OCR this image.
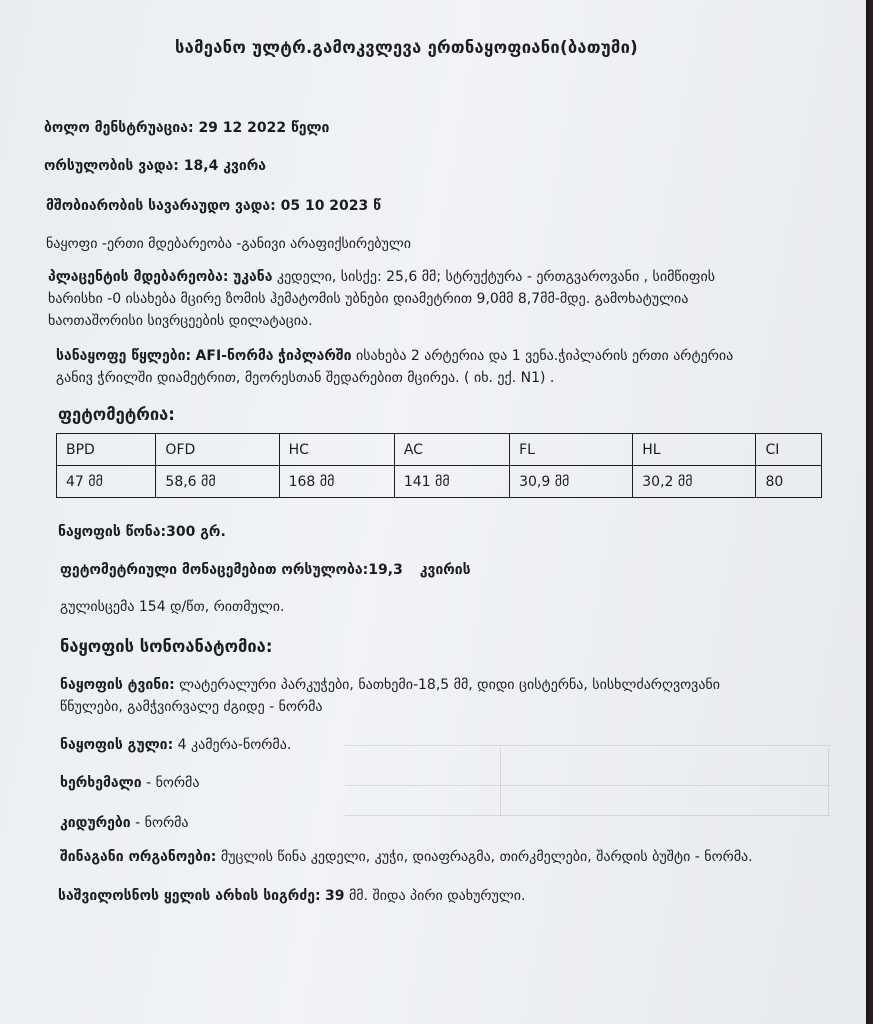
სამეანო ულტრ.გამოკვლევა ერთნაყოფიანი(ბათუმი)
ბოლო მენსტრუაცია: 29 12 2022 წელი
ორსულობის ვადა: 18,4 კვირა
მშობიარობის სავარაუდო ვადა: 05 10 2023 წ
ნაყოფი -ერთი მდებარეობა -განივი არაფიქსირებული
პლაცენტის მდებარეობა: უკანა კედელი, სისქე: 25,6 მმ; სტრუქტურა - ერთგვაროვანი , სიმწიფის
ხარისხი -0 ისახება მცირე ზომის ჰემატომის უბნები დიამეტრით 9,0მმ 8,7მმ-მდე. გამოხატულია
ხაოთაშორისი სივრცეების დილატაცია.
სანაყოფე წყლები: AFI-ნორმა ჭიპლარში ისახება 2 არტერია და 1 ვენა.ჭიპლარის ერთი არტერია
განივ ჭრილში დიამეტრით, მეორესთან შედარებით მცირეა. ( იხ. ექ. N1) .
ფეტომეტრია:
BPD	OFD	HC	AC	FL	HL	CI
47 მმ	58,6 მმ	168 მმ	141 მმ	30,9 მმ	30,2 მმ	80
ნაყოფის წონა:300 გრ.
ფეტომეტრიული მონაცემებით ორსულობა:19,3 კვირის
გულისცემა 154 დ/წთ, რითმული.
ნაყოფის სონოანატომია:
ნაყოფის ტვინი: ლატერალური პარკუჭები, ნათხემი-18,5 მმ, დიდი ცისტერნა, სისხლძარღვოვანი
წნულები, გამჭვირვალე ძგიდე - ნორმა
ნაყოფის გული: 4 კამერა-ნორმა.
ხერხემალი - ნორმა
კიდურები - ნორმა
შინაგანი ორგანოები: მუცლის წინა კედელი, კუჭი, დიაფრაგმა, თირკმელები, შარდის ბუშტი - ნორმა.
საშვილოსნოს ყელის არხის სიგრძე: 39 მმ. შიდა პირი დახურული.
